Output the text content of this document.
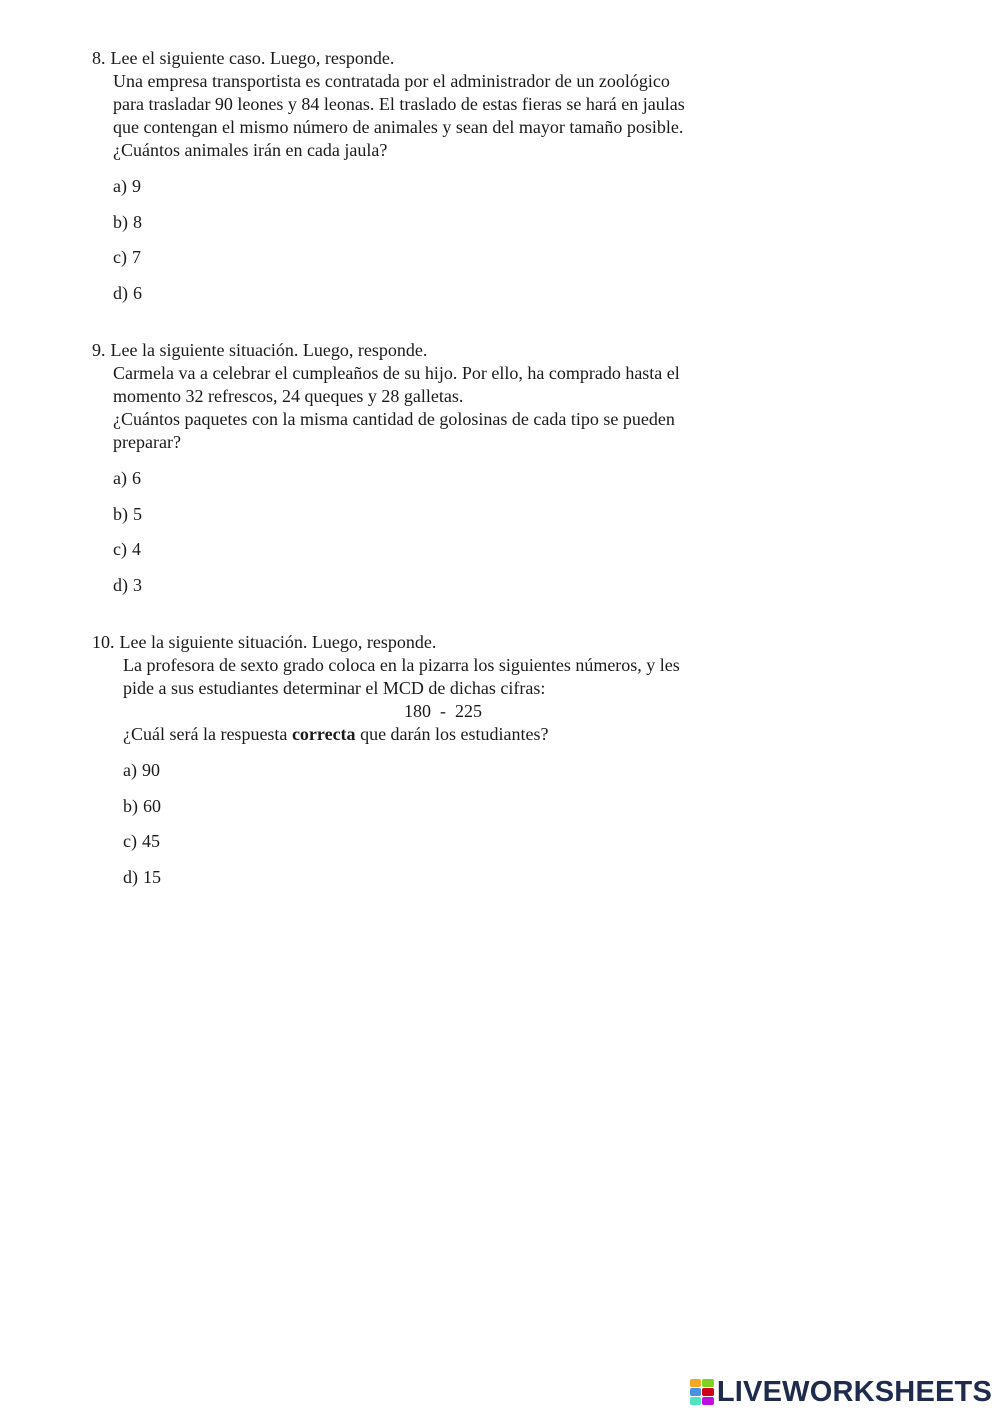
8. Lee el siguiente caso. Luego, responde.

Una empresa transportista es contratada por el administrador de un zoológico

para trasladar 90 leones y 84 leonas. El traslado de estas fieras se hará en jaulas

que contengan el mismo número de animales y sean del mayor tamaño posible.

¿Cuántos animales irán en cada jaula?

a) 9
b) 8
c) 7
d) 6
9. Lee la siguiente situación. Luego, responde.

Carmela va a celebrar el cumpleaños de su hijo. Por ello, ha comprado hasta el

momento 32 refrescos, 24 queques y 28 galletas.

¿Cuántos paquetes con la misma cantidad de golosinas de cada tipo se pueden

preparar?

a) 6
b) 5
c) 4
d) 3
10. Lee la siguiente situación. Luego, responde.

La profesora de sexto grado coloca en la pizarra los siguientes números, y les

pide a sus estudiantes determinar el MCD de dichas cifras:

180  -  225

¿Cuál será la respuesta correcta que darán los estudiantes?

a) 90
b) 60
c) 45
d) 15
LIVEWORKSHEETS
